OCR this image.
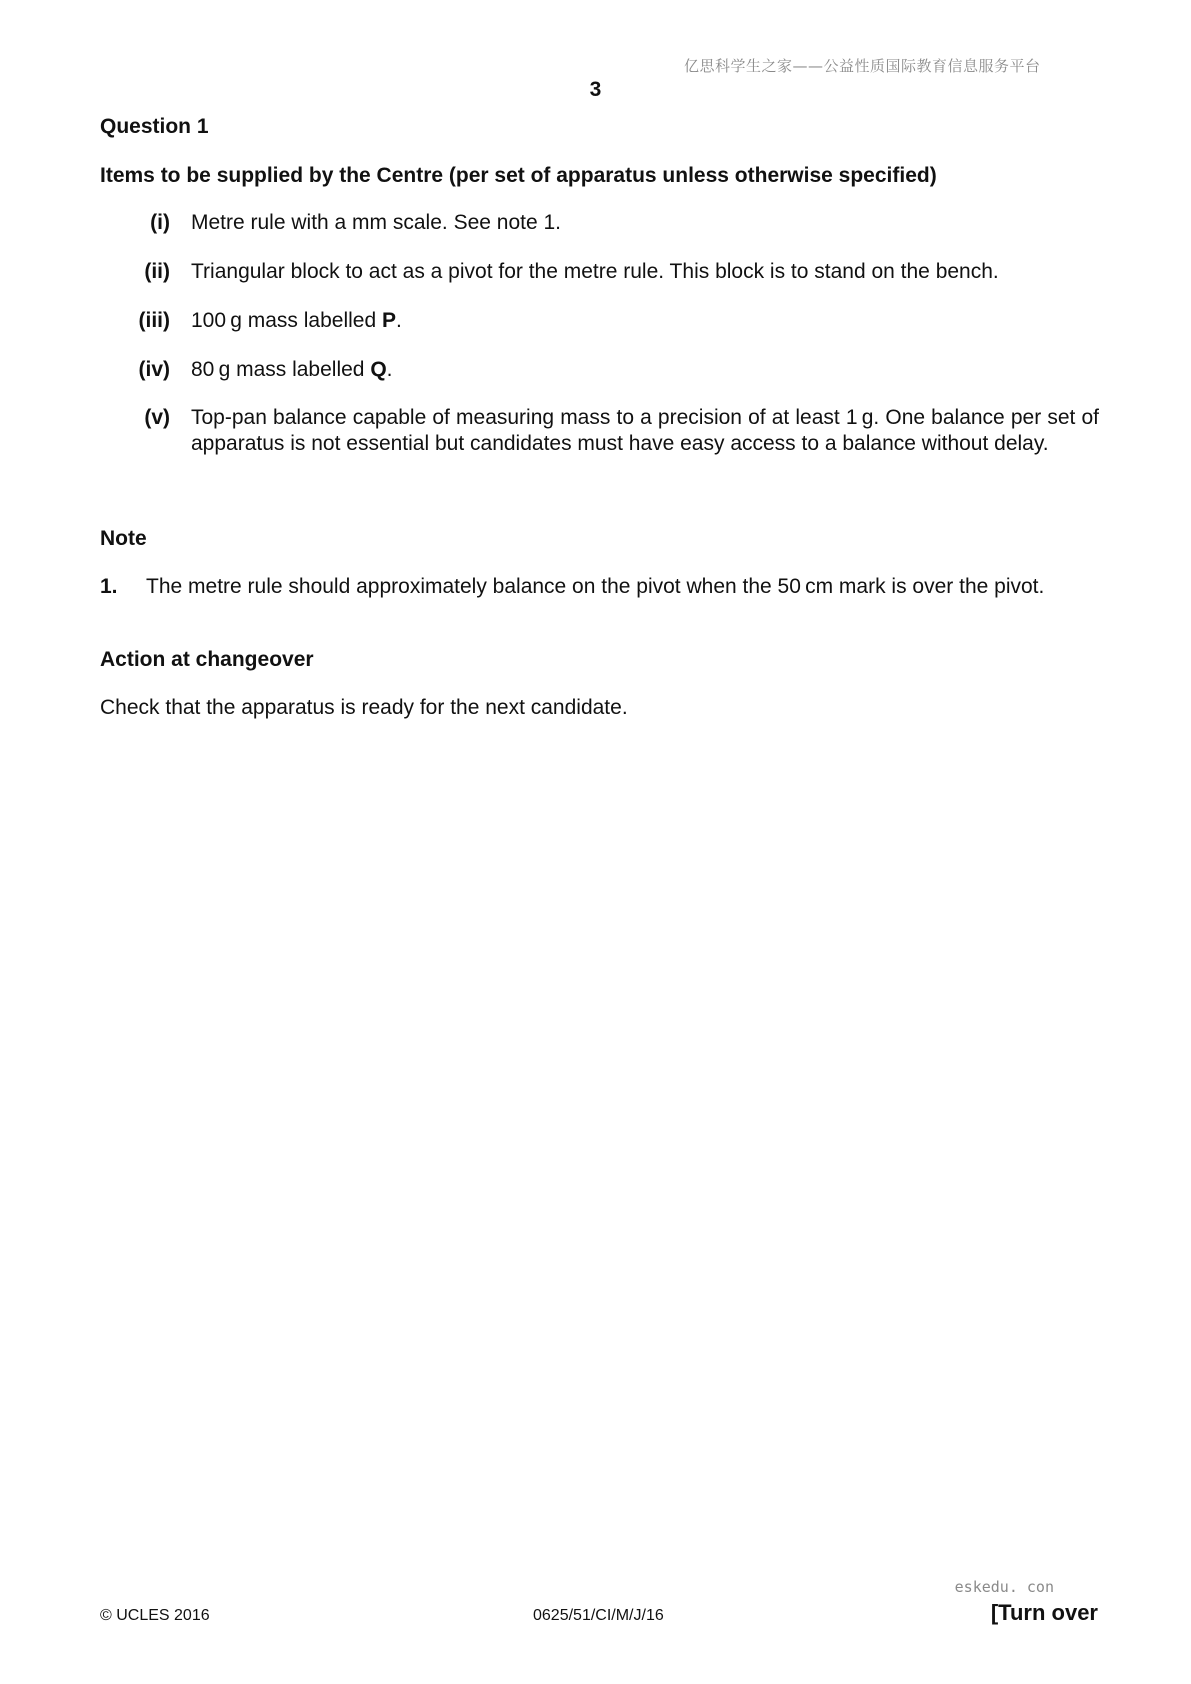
亿思科学生之家——公益性质国际教育信息服务平台
3
Question 1
Items to be supplied by the Centre (per set of apparatus unless otherwise specified)
(i) Metre rule with a mm scale. See note 1.
(ii) Triangular block to act as a pivot for the metre rule. This block is to stand on the bench.
(iii) 100 g mass labelled P.
(iv) 80 g mass labelled Q.
(v) Top-pan balance capable of measuring mass to a precision of at least 1 g. One balance per set of apparatus is not essential but candidates must have easy access to a balance without delay.
Note
1. The metre rule should approximately balance on the pivot when the 50 cm mark is over the pivot.
Action at changeover
Check that the apparatus is ready for the next candidate.
eskedu. con
© UCLES 2016	0625/51/CI/M/J/16	[Turn over
